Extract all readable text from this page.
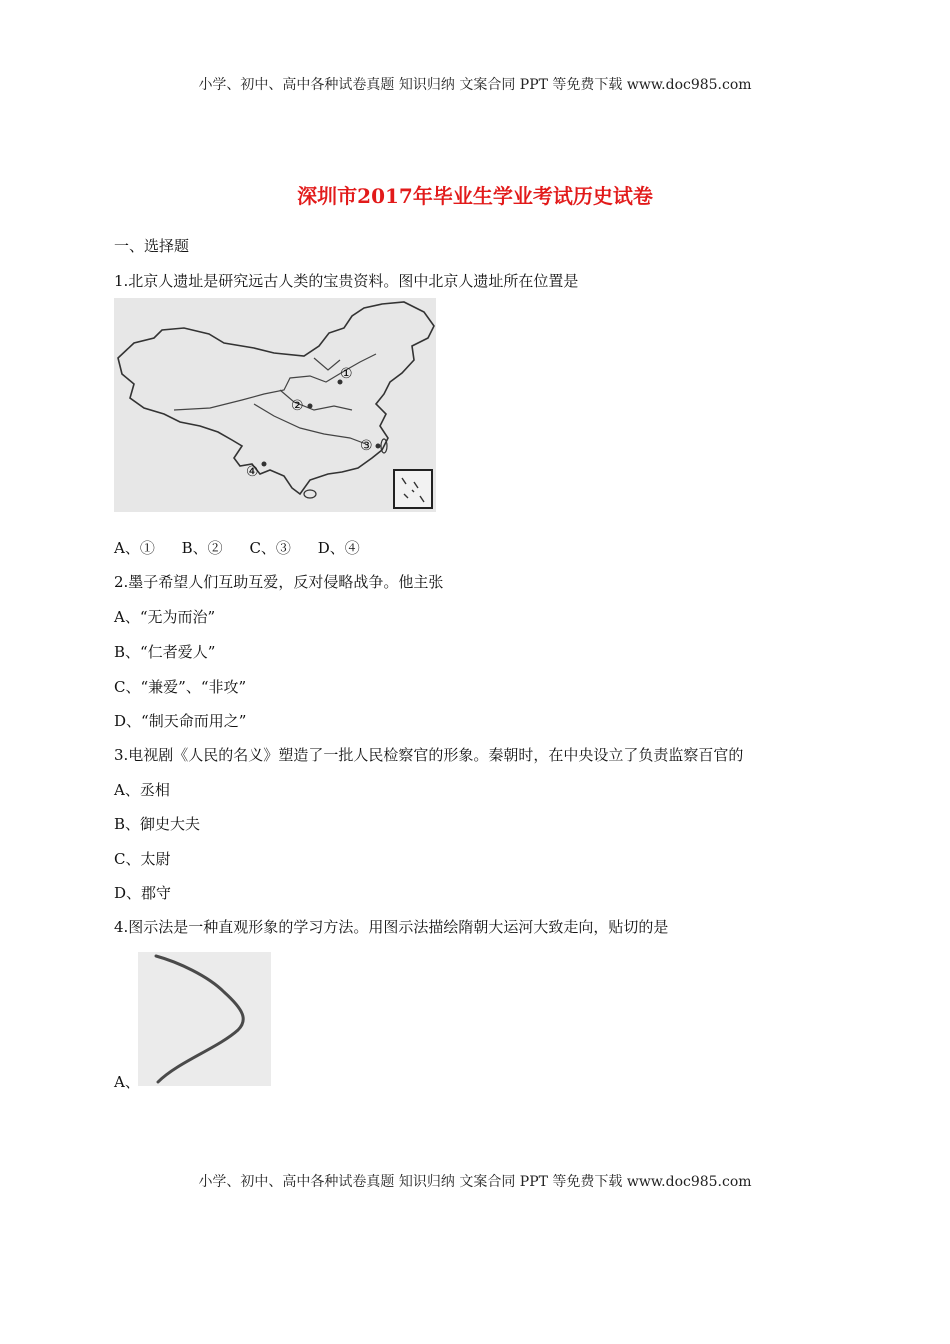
小学、初中、高中各种试卷真题 知识归纳 文案合同 PPT 等免费下载 www.doc985.com
深圳市2017年毕业生学业考试历史试卷
一、选择题
1.北京人遗址是研究远古人类的宝贵资料。图中北京人遗址所在位置是
①
②
③
④
A、① B、② C、③ D、④
2.墨子希望人们互助互爱，反对侵略战争。他主张
A、“无为而治”
B、“仁者爱人”
C、“兼爱”、“非攻”
D、“制天命而用之”
3.电视剧《人民的名义》塑造了一批人民检察官的形象。秦朝时，在中央设立了负责监察百官的
A、丞相
B、御史大夫
C、太尉
D、郡守
4.图示法是一种直观形象的学习方法。用图示法描绘隋朝大运河大致走向，贴切的是
A、
小学、初中、高中各种试卷真题 知识归纳 文案合同 PPT 等免费下载 www.doc985.com
